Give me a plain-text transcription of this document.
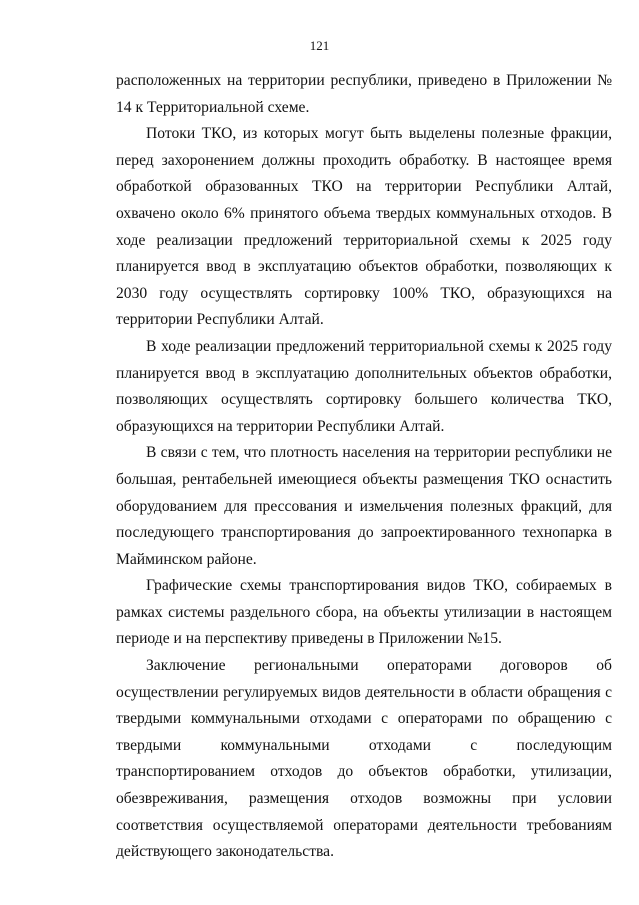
121

расположенных на территории республики, приведено в Приложении № 14 к Территориальной схеме.

Потоки ТКО, из которых могут быть выделены полезные фракции, перед захоронением должны проходить обработку. В настоящее время обработкой образованных ТКО на территории Республики Алтай, охвачено около 6% принятого объема твердых коммунальных отходов. В ходе реализации предложений территориальной схемы к 2025 году планируется ввод в эксплуатацию объектов обработки, позволяющих к 2030 году осуществлять сортировку 100% ТКО, образующихся на территории Республики Алтай.

В ходе реализации предложений территориальной схемы к 2025 году планируется ввод в эксплуатацию дополнительных объектов обработки, позволяющих осуществлять сортировку большего количества ТКО, образующихся на территории Республики Алтай.

В связи с тем, что плотность населения на территории республики не большая, рентабельней имеющиеся объекты размещения ТКО оснастить оборудованием для прессования и измельчения полезных фракций, для последующего транспортирования до запроектированного технопарка в Майминском районе.

Графические схемы транспортирования видов ТКО, собираемых в рамках системы раздельного сбора, на объекты утилизации в настоящем периоде и на перспективу приведены в Приложении №15.

Заключение региональными операторами договоров об осуществлении регулируемых видов деятельности в области обращения с твердыми коммунальными отходами с операторами по обращению с твердыми коммунальными отходами с последующим транспортированием отходов до объектов обработки, утилизации, обезвреживания, размещения отходов возможны при условии соответствия осуществляемой операторами деятельности требованиям действующего законодательства.
